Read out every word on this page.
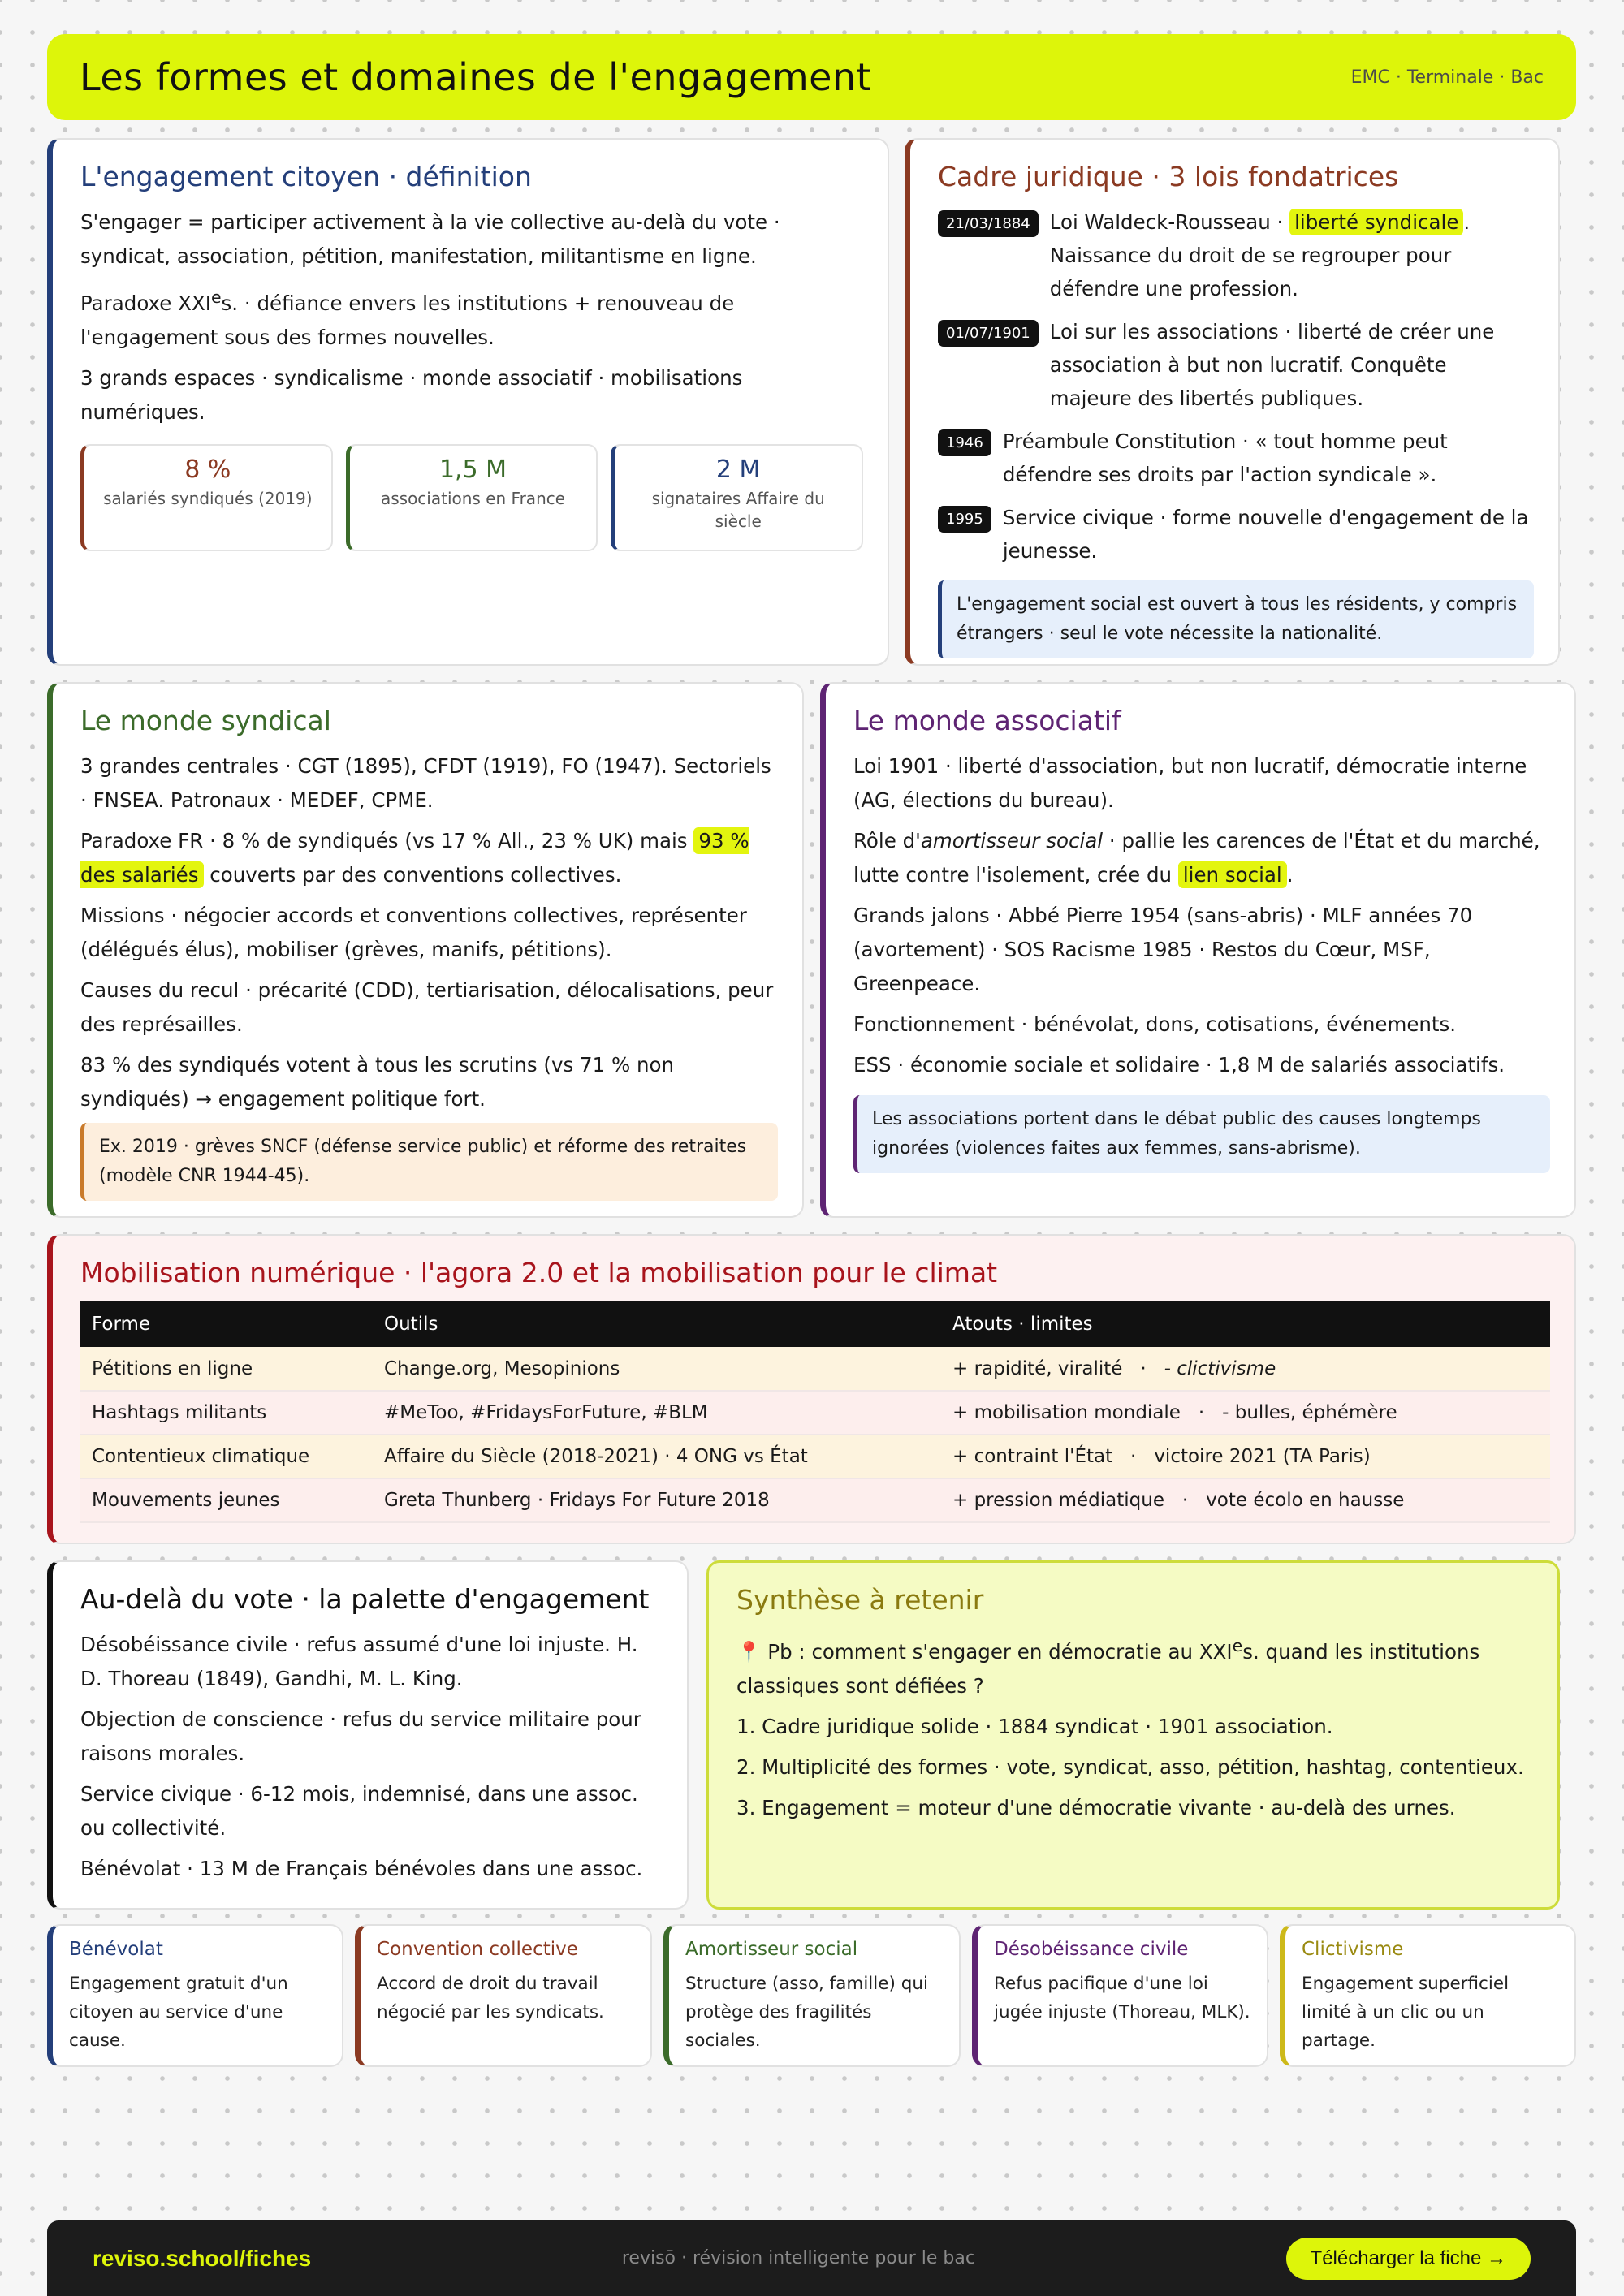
Les formes et domaines de l'engagement	EMC · Terminale · Bac
L'engagement citoyen · définition

S'engager = participer activement à la vie collective au-delà du vote · syndicat, association, pétition, manifestation, militantisme en ligne.

Paradoxe $XXI^es$. · défiance envers les institutions + renouveau de l'engagement sous des formes nouvelles.

3 grands espaces · syndicalisme · monde associatif · mobilisations numériques.

8 %
salariés syndiqués (2019)
1,5 M
associations en France
2 M
signataires Affaire du siècle
Cadre juridique · 3 lois fondatrices
21/03/1884 Loi Waldeck-Rousseau · liberté syndicale . Naissance du droit de se regrouper pour défendre une profession.
01/07/1901 Loi sur les associations · liberté de créer une association à but non lucratif. Conquête majeure des libertés publiques.
1946 Préambule Constitution · « tout homme peut défendre ses droits par l'action syndicale ».
1995 Service civique · forme nouvelle d'engagement de la jeunesse.
L'engagement social est ouvert à tous les résidents, y compris étrangers · seul le vote nécessite la nationalité.
Le monde syndical

3 grandes centrales · CGT (1895), CFDT (1919), FO (1947). Sectoriels · FNSEA. Patronaux · MEDEF, CPME.

Paradoxe FR · 8 % de syndiqués (vs 17 % All., 23 % UK) mais 93 % des salariés couverts par des conventions collectives.

Missions · négocier accords et conventions collectives, représenter (délégués élus), mobiliser (grèves, manifs, pétitions).

Causes du recul · précarité (CDD), tertiarisation, délocalisations, peur des représailles.

83 % des syndiqués votent à tous les scrutins (vs 71 % non syndiqués) → engagement politique fort.

Ex. 2019 · grèves SNCF (défense service public) et réforme des retraites (modèle CNR 1944-45).
Le monde associatif

Loi 1901 · liberté d'association, but non lucratif, démocratie interne (AG, élections du bureau).

Rôle d'amortisseur social · pallie les carences de l'État et du marché, lutte contre l'isolement, crée du lien social .

Grands jalons · Abbé Pierre 1954 (sans-abris) · MLF années 70 (avortement) · SOS Racisme 1985 · Restos du Cœur, MSF, Greenpeace.

Fonctionnement · bénévolat, dons, cotisations, événements.

ESS · économie sociale et solidaire · 1,8 M de salariés associatifs.

Les associations portent dans le débat public des causes longtemps ignorées (violences faites aux femmes, sans-abrisme).
Mobilisation numérique · l'agora 2.0 et la mobilisation pour le climat
Forme	Outils	Atouts · limites
Pétitions en ligne	Change.org, Mesopinions	+ rapidité, viralité   ·   - clictivisme
Hashtags militants	#MeToo, #FridaysForFuture, #BLM	+ mobilisation mondiale   ·   - bulles, éphémère
Contentieux climatique	Affaire du Siècle (2018-2021) · 4 ONG vs État	+ contraint l'État   ·   victoire 2021 (TA Paris)
Mouvements jeunes	Greta Thunberg · Fridays For Future 2018	+ pression médiatique   ·   vote écolo en hausse
Au-delà du vote · la palette d'engagement

Désobéissance civile · refus assumé d'une loi injuste. H. D. Thoreau (1849), Gandhi, M. L. King.

Objection de conscience · refus du service militaire pour raisons morales.

Service civique · 6-12 mois, indemnisé, dans une assoc. ou collectivité.

Bénévolat · 13 M de Français bénévoles dans une assoc.

Synthèse à retenir

📍 Pb : comment s'engager en démocratie au XXIes. quand les institutions classiques sont défiées ?

1. Cadre juridique solide · 1884 syndicat · 1901 association.

2. Multiplicité des formes · vote, syndicat, asso, pétition, hashtag, contentieux.

3. Engagement = moteur d'une démocratie vivante · au-delà des urnes.

Bénévolat
Engagement gratuit d'un citoyen au service d'une cause.
Convention collective
Accord de droit du travail négocié par les syndicats.
Amortisseur social
Structure (asso, famille) qui protège des fragilités sociales.
Désobéissance civile
Refus pacifique d'une loi jugée injuste (Thoreau, MLK).
Clictivisme
Engagement superficiel limité à un clic ou un partage.
reviso.school/fiches	revisō · révision intelligente pour le bac	Télécharger la fiche →
